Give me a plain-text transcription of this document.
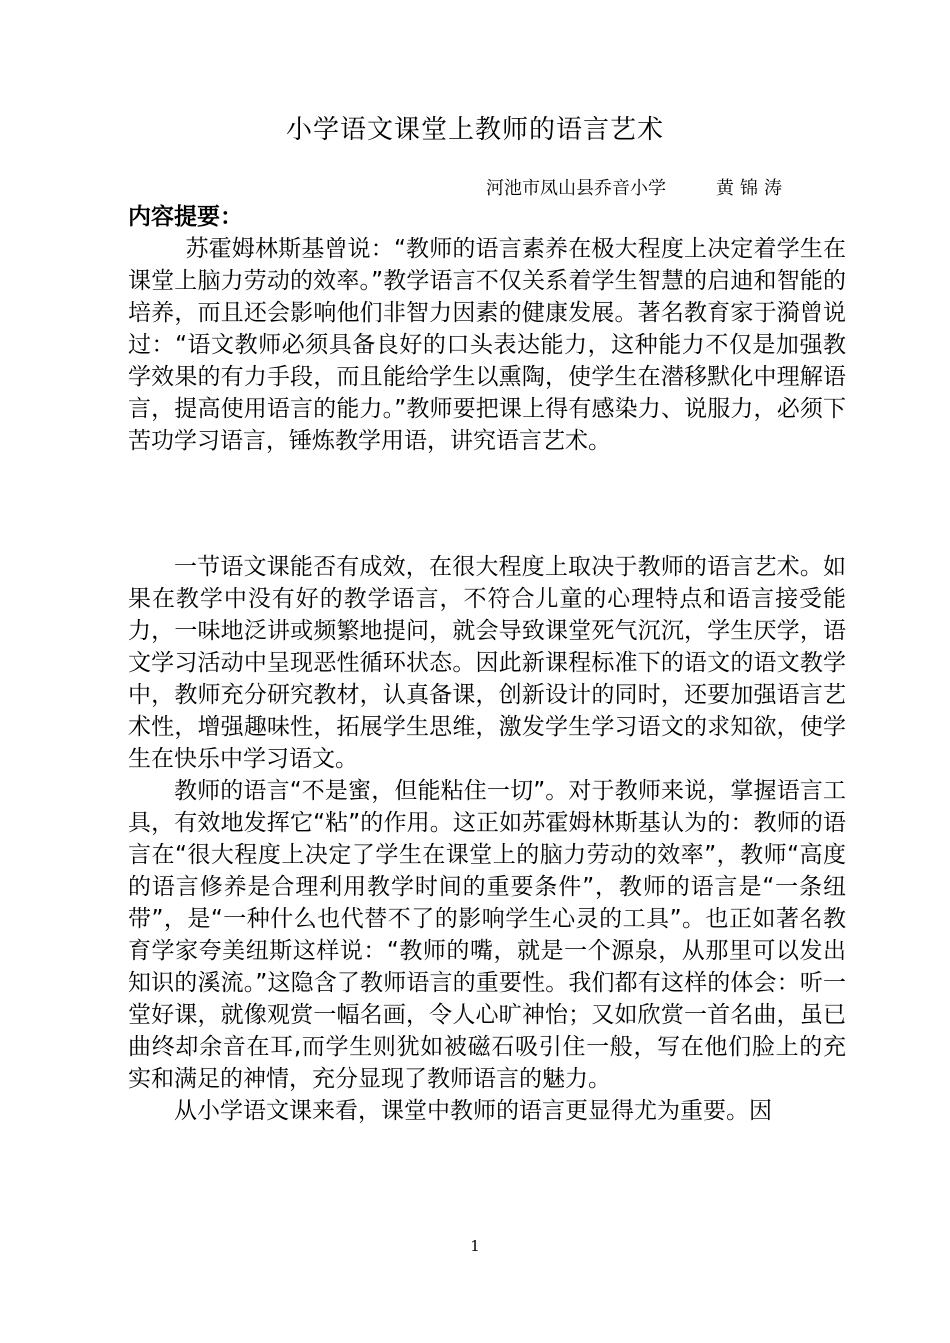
小学语文课堂上教师的语言艺术
河池市凤山县乔音小学	黄锦涛
内容提要：

苏霍姆林斯基曾说：“教师的语言素养在极大程度上决定着学生在课堂上脑力劳动的效率。”教学语言不仅关系着学生智慧的启迪和智能的培养，而且还会影响他们非智力因素的健康发展。著名教育家于漪曾说过：“语文教师必须具备良好的口头表达能力，这种能力不仅是加强教学效果的有力手段，而且能给学生以熏陶，使学生在潜移默化中理解语言，提高使用语言的能力。”教师要把课上得有感染力、说服力，必须下苦功学习语言，锤炼教学用语，讲究语言艺术。

一节语文课能否有成效，在很大程度上取决于教师的语言艺术。如果在教学中没有好的教学语言，不符合儿童的心理特点和语言接受能力，一味地泛讲或频繁地提问，就会导致课堂死气沉沉，学生厌学，语文学习活动中呈现恶性循环状态。因此新课程标准下的语文的语文教学中，教师充分研究教材，认真备课，创新设计的同时，还要加强语言艺术性，增强趣味性，拓展学生思维，激发学生学习语文的求知欲，使学生在快乐中学习语文。

教师的语言“不是蜜，但能粘住一切”。对于教师来说，掌握语言工具，有效地发挥它“粘”的作用。这正如苏霍姆林斯基认为的：教师的语言在“很大程度上决定了学生在课堂上的脑力劳动的效率”，教师“高度的语言修养是合理利用教学时间的重要条件”，教师的语言是“一条纽带”，是“一种什么也代替不了的影响学生心灵的工具”。也正如著名教育学家夸美纽斯这样说：“教师的嘴，就是一个源泉，从那里可以发出知识的溪流。”这隐含了教师语言的重要性。我们都有这样的体会：听一堂好课，就像观赏一幅名画，令人心旷神怡；又如欣赏一首名曲，虽已曲终却余音在耳,而学生则犹如被磁石吸引住一般，写在他们脸上的充实和满足的神情，充分显现了教师语言的魅力。

从小学语文课来看，课堂中教师的语言更显得尤为重要。因

1
